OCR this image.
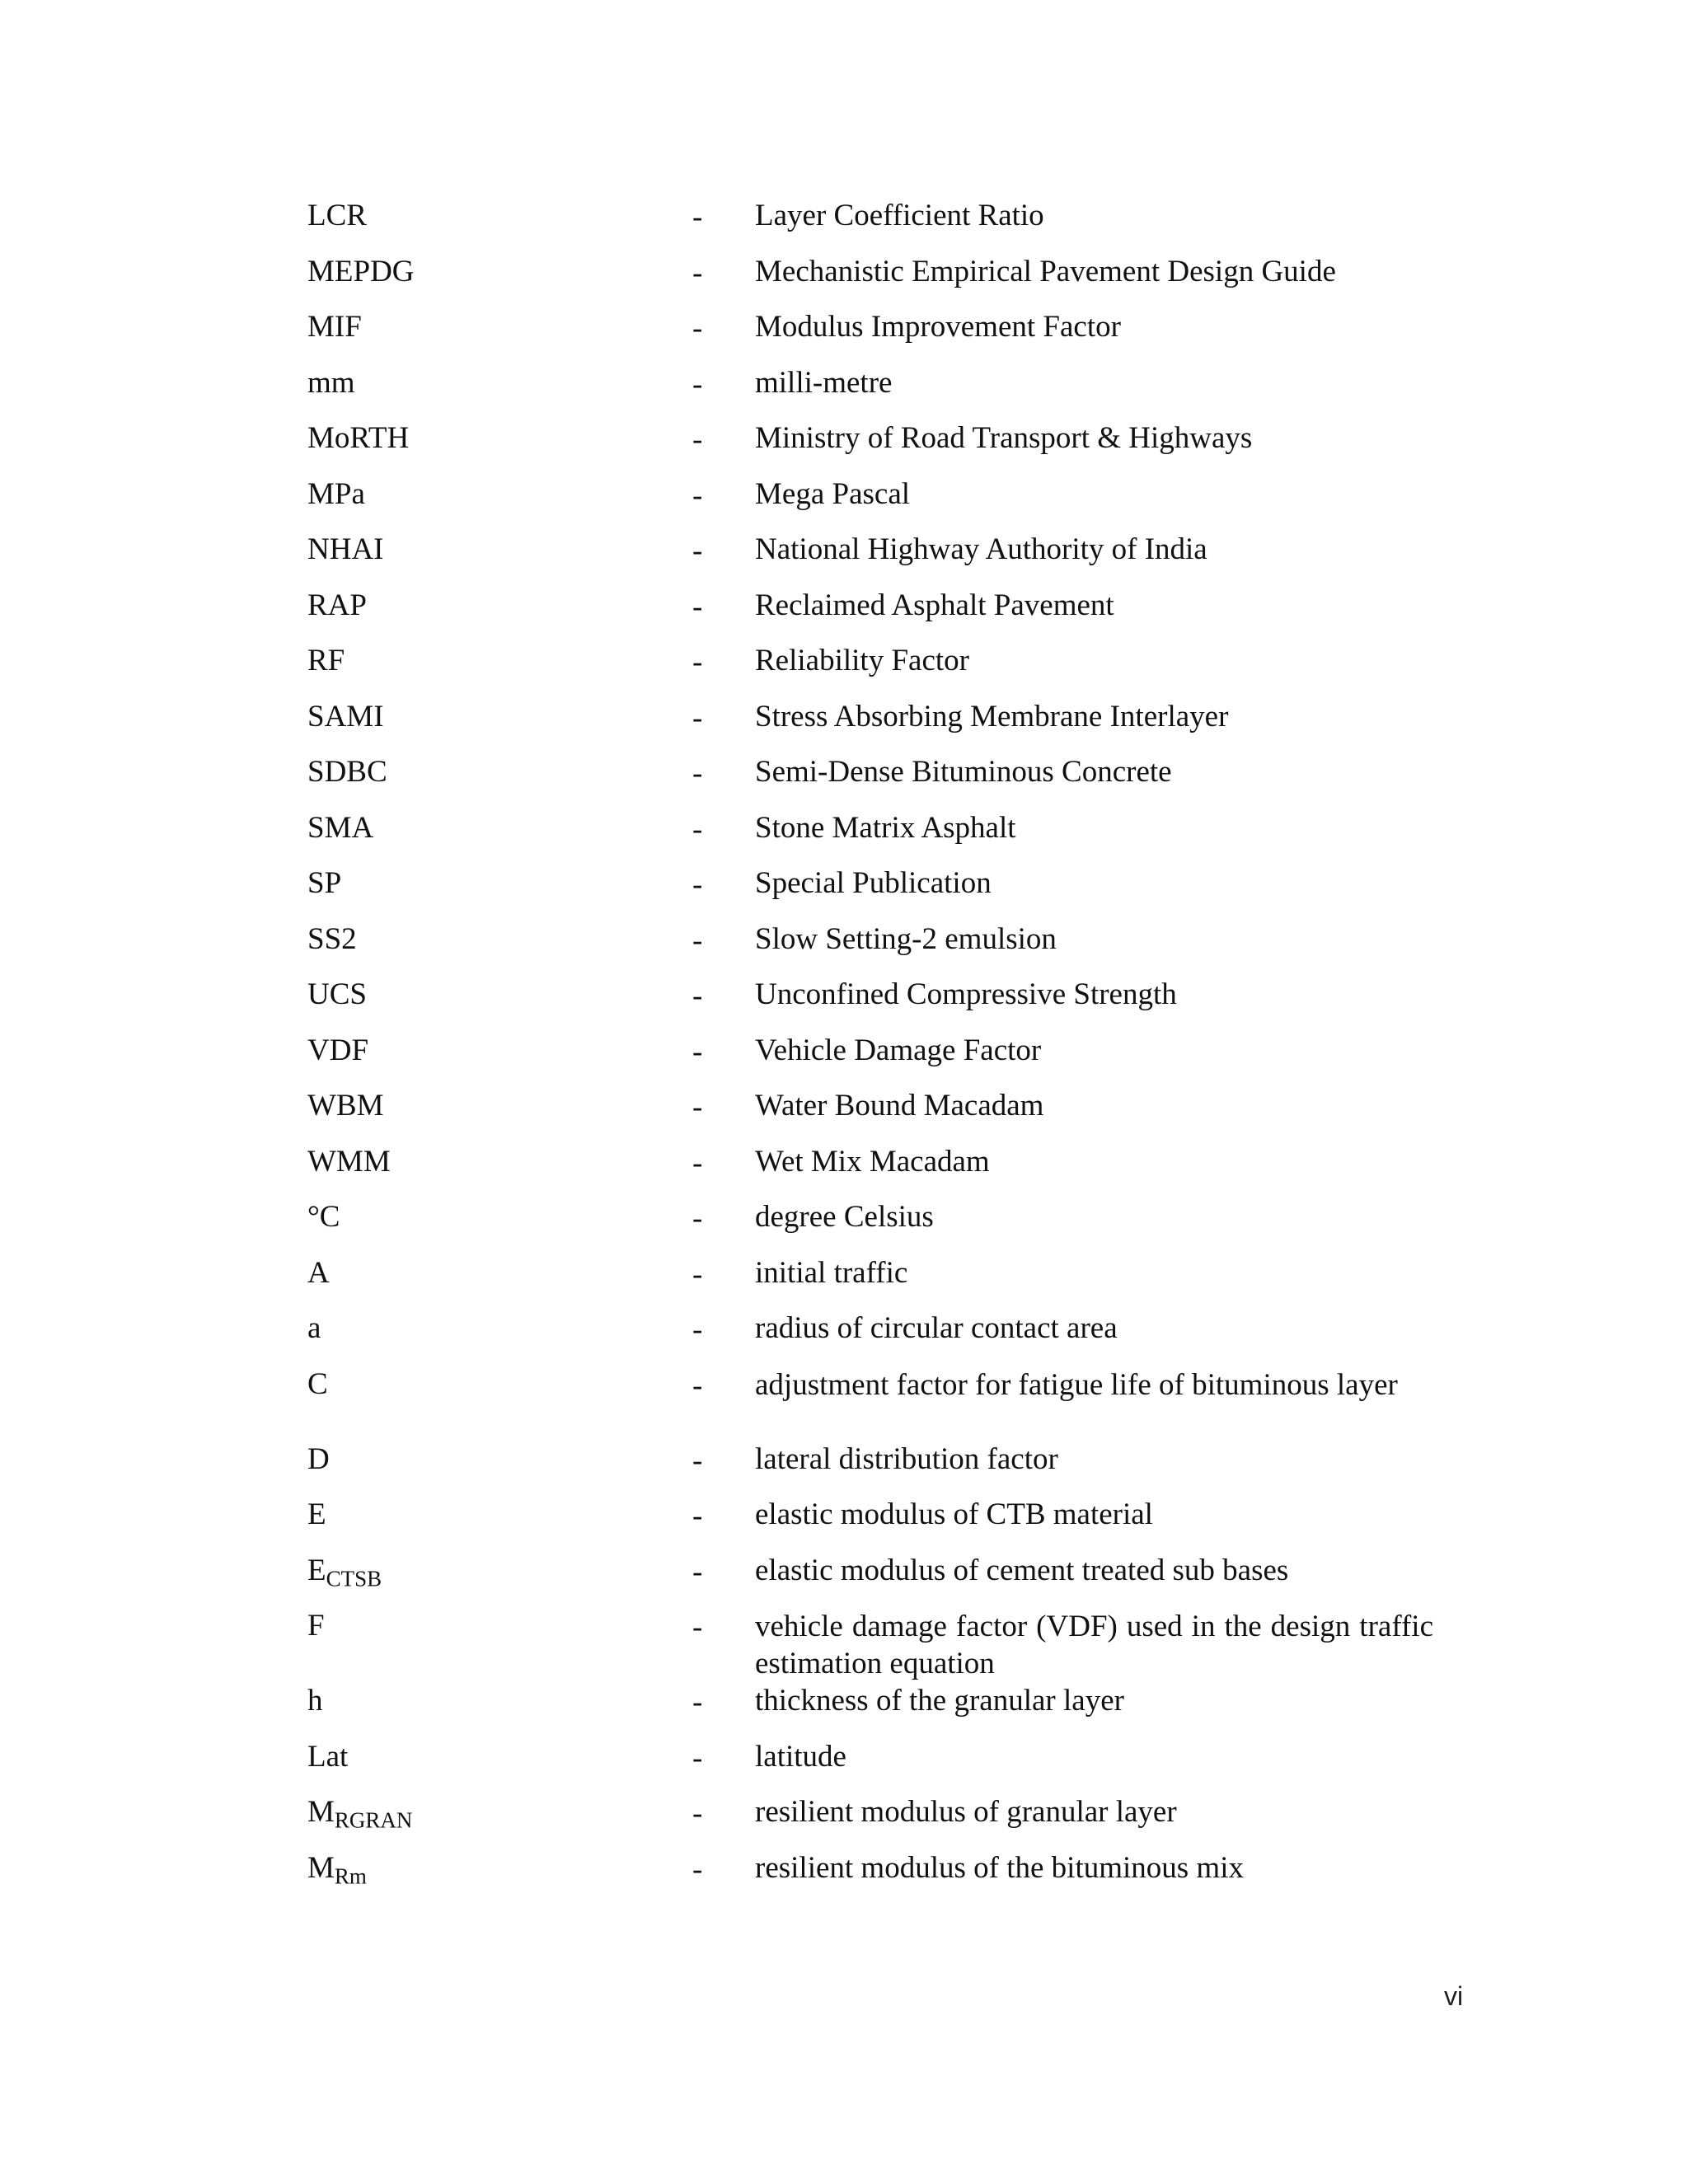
LCR	- Layer Coefficient Ratio
MEPDG	- Mechanistic Empirical Pavement Design Guide
MIF	- Modulus Improvement Factor
mm	- milli-metre
MoRTH	- Ministry of Road Transport & Highways
MPa	- Mega Pascal
NHAI	- National Highway Authority of India
RAP	- Reclaimed Asphalt Pavement
RF	- Reliability Factor
SAMI	- Stress Absorbing Membrane Interlayer
SDBC	- Semi-Dense Bituminous Concrete
SMA	- Stone Matrix Asphalt
SP	- Special Publication
SS2	- Slow Setting-2 emulsion
UCS	- Unconfined Compressive Strength
VDF	- Vehicle Damage Factor
WBM	- Water Bound Macadam
WMM	- Wet Mix Macadam
°C	- degree Celsius
A	- initial traffic
a	- radius of circular contact area
C	- adjustment factor for fatigue life of bituminous layer
D	- lateral distribution factor
E	- elastic modulus of CTB material
$E_{CTSB}$	- elastic modulus of cement treated sub bases
F	- vehicle damage factor (VDF) used in the design traffic estimation equation
h	- thickness of the granular layer
Lat	- latitude
$M_{RGRAN}$	- resilient modulus of granular layer
$M_{Rm}$	- resilient modulus of the bituminous mix
vi
